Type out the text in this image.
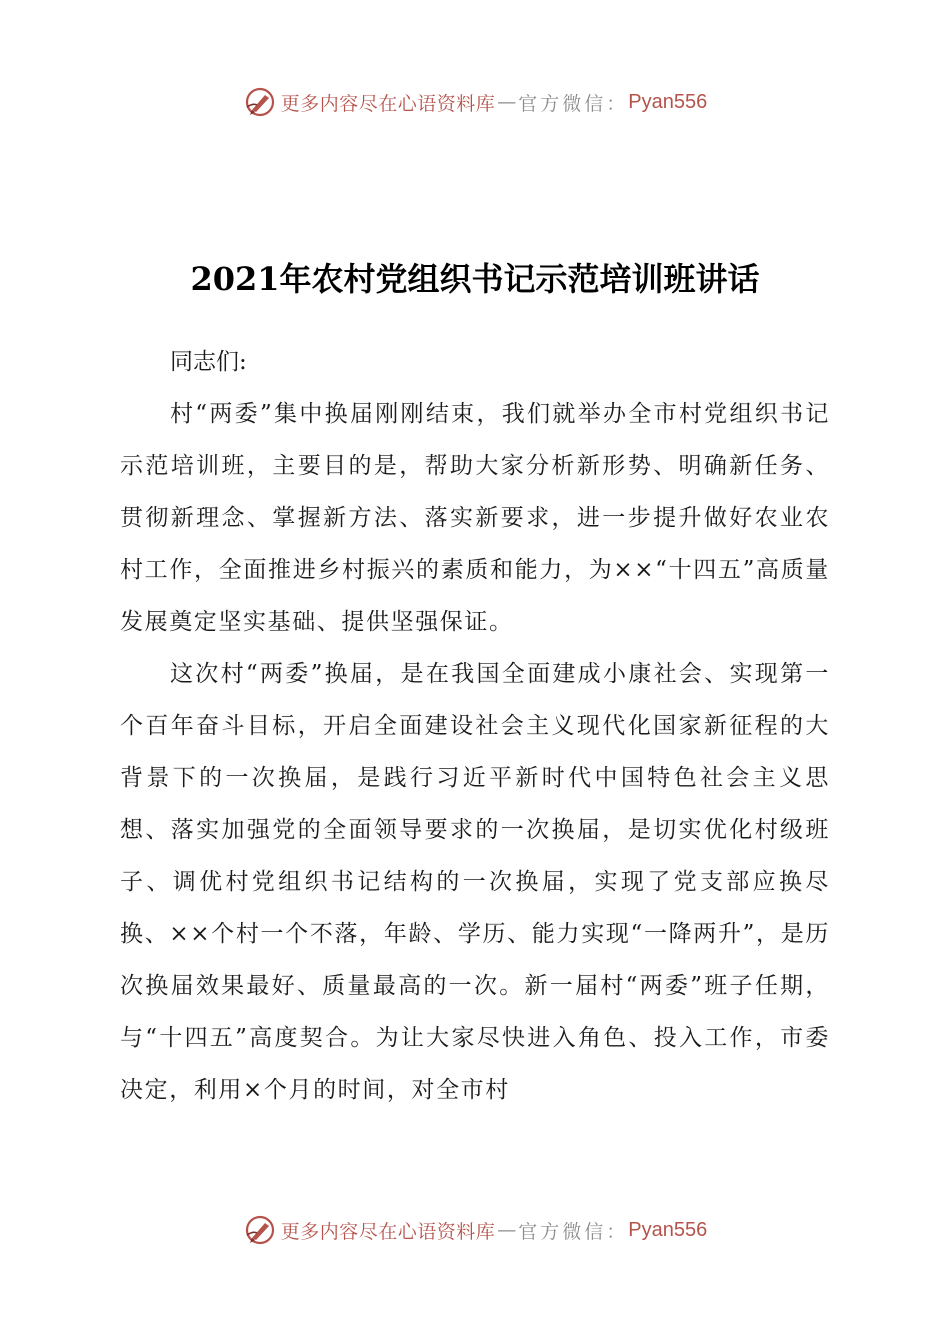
更多内容尽在心语资料库 — 官方微信： Pyan556
2021年农村党组织书记示范培训班讲话

同志们:

村“两委”集中换届刚刚结束，我们就举办全市村党组织书记示范培训班，主要目的是，帮助大家分析新形势、明确新任务、贯彻新理念、掌握新方法、落实新要求，进一步提升做好农业农村工作，全面推进乡村振兴的素质和能力，为××“十四五”高质量发展奠定坚实基础、提供坚强保证。

这次村“两委”换届，是在我国全面建成小康社会、实现第一个百年奋斗目标，开启全面建设社会主义现代化国家新征程的大背景下的一次换届，是践行习近平新时代中国特色社会主义思想、落实加强党的全面领导要求的一次换届，是切实优化村级班子、调优村党组织书记结构的一次换届，实现了党支部应换尽换、××个村一个不落，年龄、学历、能力实现“一降两升”，是历次换届效果最好、质量最高的一次。新一届村“两委”班子任期，与“十四五”高度契合。为让大家尽快进入角色、投入工作，市委决定，利用×个月的时间，对全市村

更多内容尽在心语资料库 — 官方微信： Pyan556
